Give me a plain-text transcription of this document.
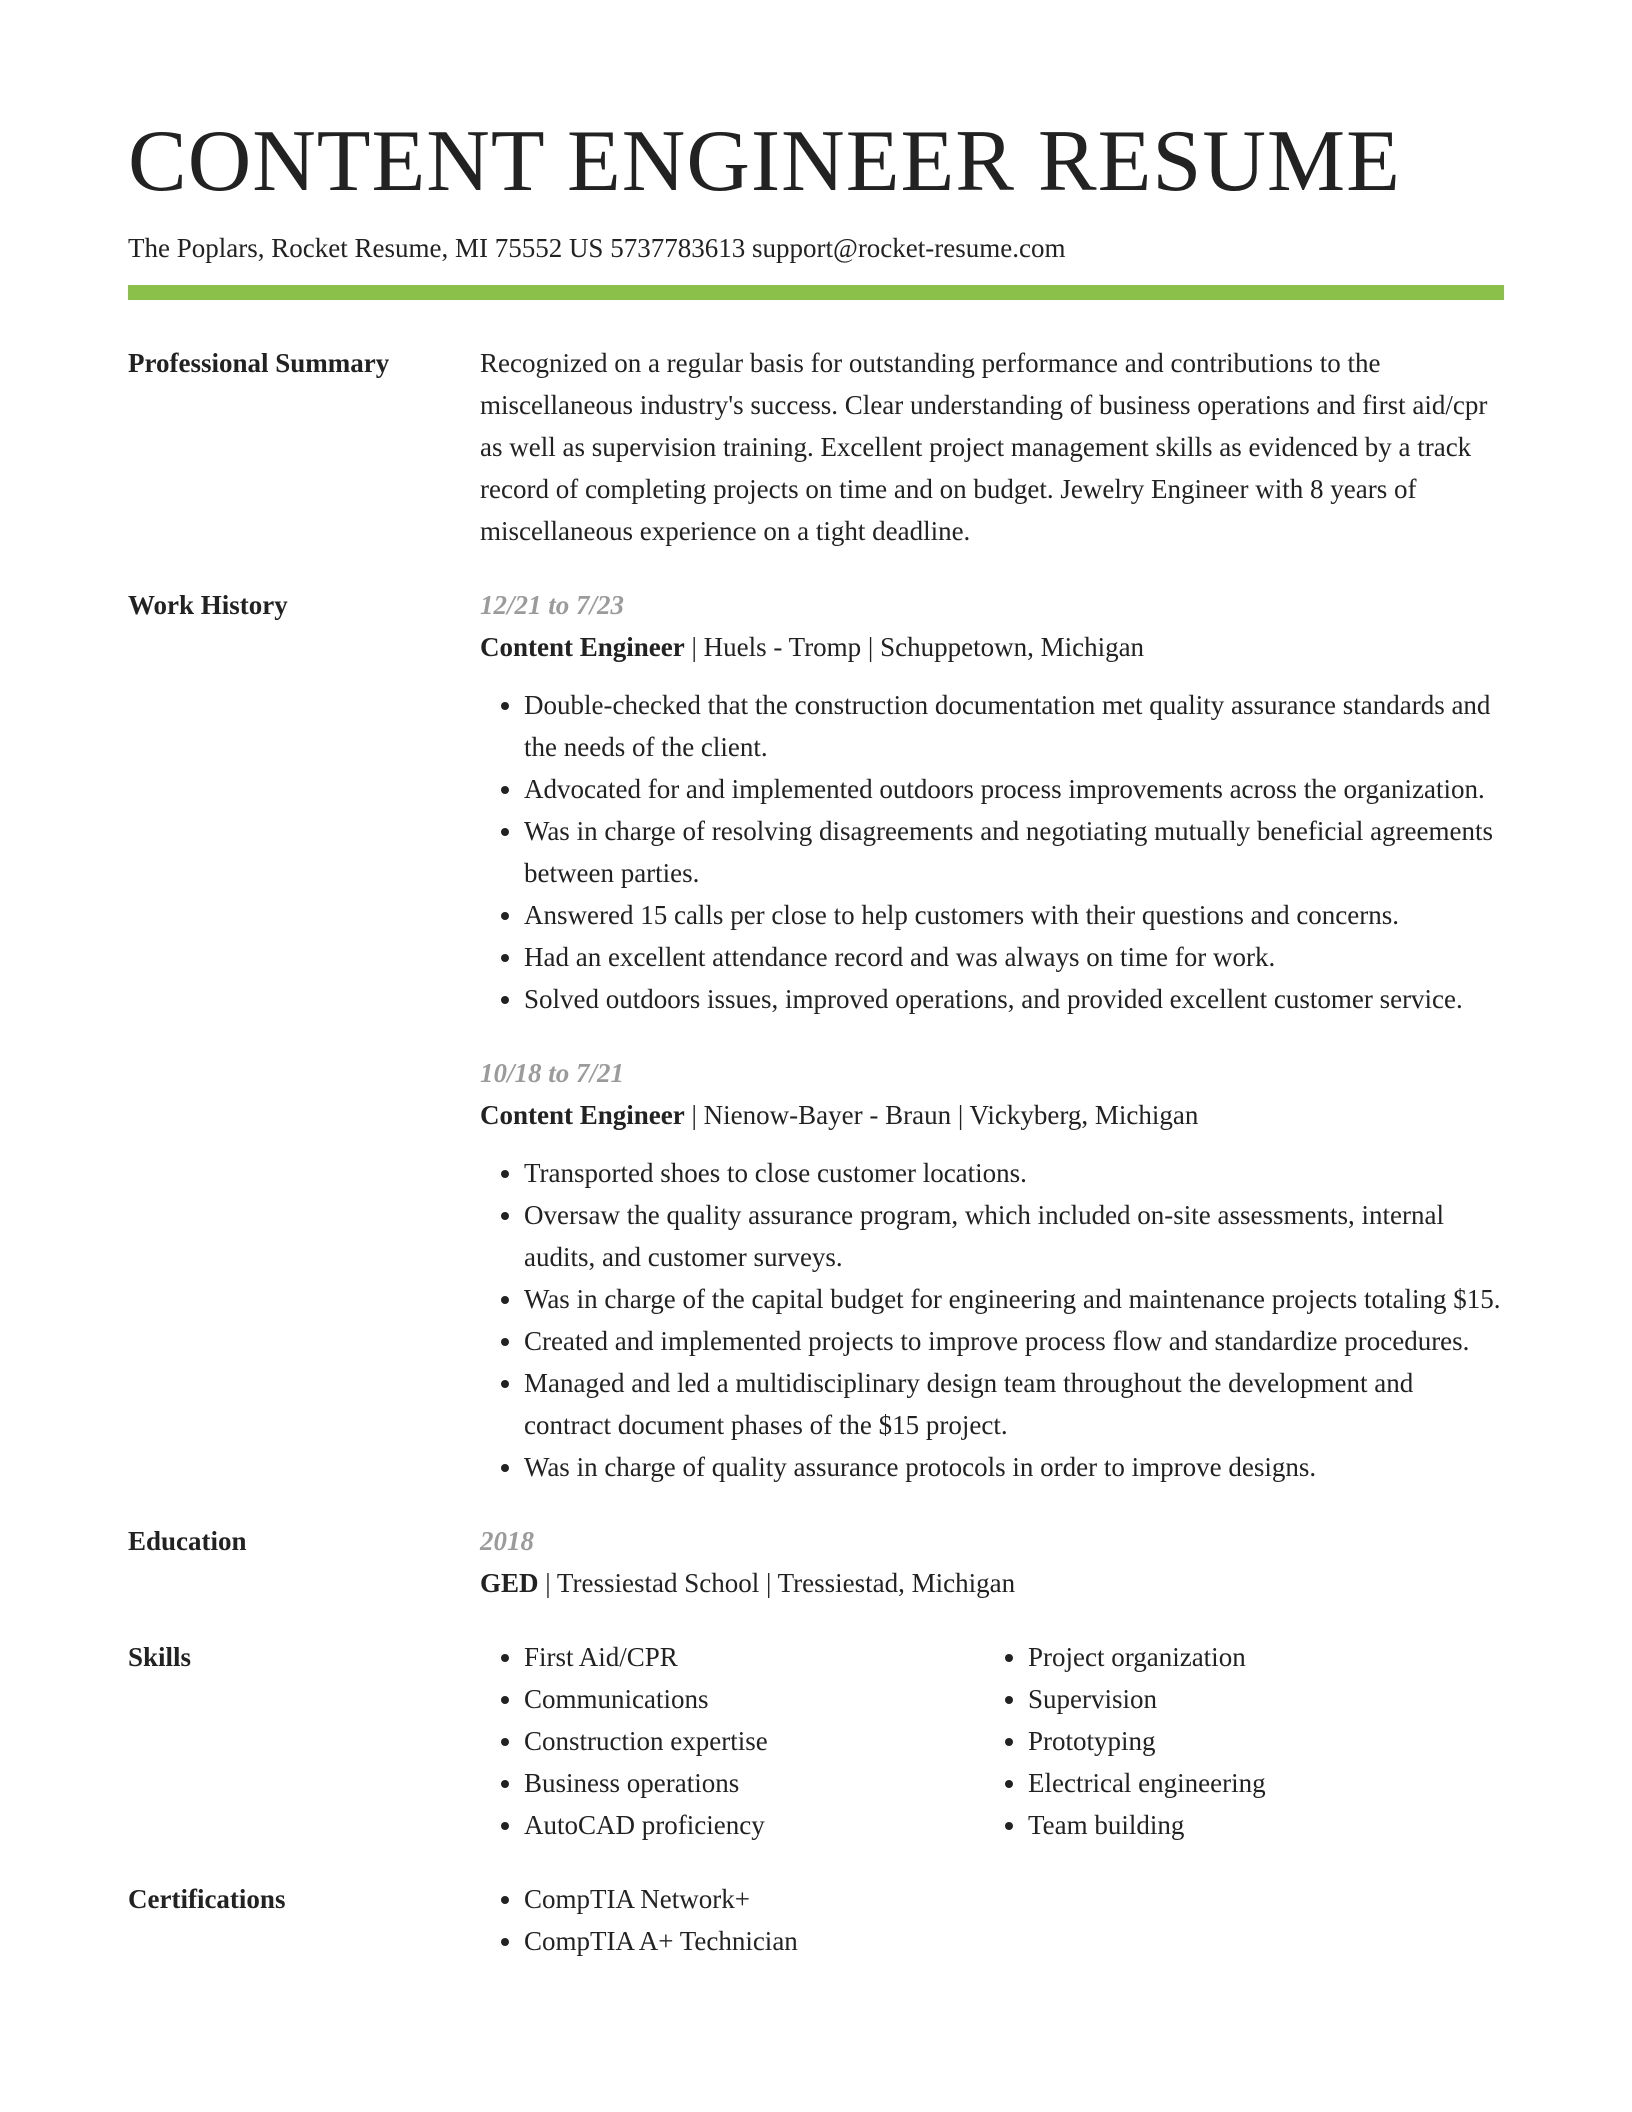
CONTENT ENGINEER RESUME
The Poplars, Rocket Resume, MI 75552 US 5737783613 support@rocket-resume.com
Professional Summary	Recognized on a regular basis for outstanding performance and contributions to the miscellaneous industry's success. Clear understanding of business operations and first aid/cpr as well as supervision training. Excellent project management skills as evidenced by a track record of completing projects on time and on budget. Jewelry Engineer with 8 years of miscellaneous experience on a tight deadline.

Work History	12/21 to 7/23
Content Engineer | Huels - Tromp | Schuppetown, Michigan
• Double-checked that the construction documentation met quality assurance standards and the needs of the client.
• Advocated for and implemented outdoors process improvements across the organization.
• Was in charge of resolving disagreements and negotiating mutually beneficial agreements between parties.
• Answered 15 calls per close to help customers with their questions and concerns.
• Had an excellent attendance record and was always on time for work.
• Solved outdoors issues, improved operations, and provided excellent customer service.
10/18 to 7/21
Content Engineer | Nienow-Bayer - Braun | Vickyberg, Michigan
• Transported shoes to close customer locations.
• Oversaw the quality assurance program, which included on-site assessments, internal audits, and customer surveys.
• Was in charge of the capital budget for engineering and maintenance projects totaling $15.
• Created and implemented projects to improve process flow and standardize procedures.
• Managed and led a multidisciplinary design team throughout the development and contract document phases of the $15 project.
• Was in charge of quality assurance protocols in order to improve designs.
Education	2018
GED | Tressiestad School | Tressiestad, Michigan
Skills	• First Aid/CPR
• Communications
• Construction expertise
• Business operations
• AutoCAD proficiency
• Project organization
• Supervision
• Prototyping
• Electrical engineering
• Team building
Certifications	• CompTIA Network+
• CompTIA A+ Technician
